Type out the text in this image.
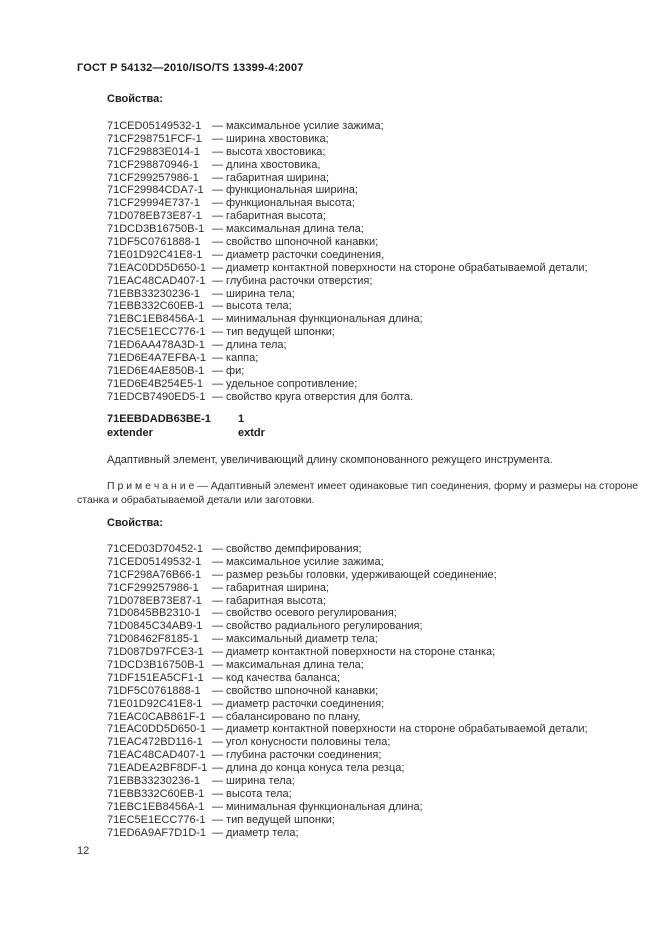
ГОСТ Р 54132—2010/ISO/TS 13399-4:2007
Свойства:
71CED05149532-1 — максимальное усилие зажима;
71CF298751FCF-1 — ширина хвостовика;
71CF29883E014-1 — высота хвостовика;
71CF298870946-1 — длина хвостовика,
71CF299257986-1 — габаритная ширина;
71CF29984CDA7-1 — функциональная ширина;
71CF29994E737-1 — функциональная высота;
71D078EB73E87-1 — габаритная высота;
71DCD3B16750B-1 — максимальная длина тела;
71DF5C0761888-1 — свойство шпоночной канавки;
71E01D92C41E8-1 — диаметр расточки соединения,
71EAC0DD5D650-1 — диаметр контактной поверхности на стороне обрабатываемой детали;
71EAC48CAD407-1 — глубина расточки отверстия;
71EBB33230236-1 — ширина тела;
71EBB332C60EB-1 — высота тела;
71EBC1EB8456A-1 — минимальная функциональная длина;
71EC5E1ECC776-1 — тип ведущей шпонки;
71ED6AA478A3D-1 — длина тела;
71ED6E4A7EFBA-1 — каппа;
71ED6E4AE850B-1 — фи;
71ED6E4B254E5-1 — удельное сопротивление;
71EDCB7490ED5-1 — свойство круга отверстия для болта.
71EEBDADB63BE-1 1
extender	extdr
Адаптивный элемент, увеличивающий длину скомпонованного режущего инструмента.
П р и м е ч а н и е — Адаптивный элемент имеет одинаковые тип соединения, форму и размеры на стороне
станка и обрабатываемой детали или заготовки.
Свойства:
71CED03D70452-1 — свойство демпфирования;
71CED05149532-1 — максимальное усилие зажима;
71CF298A76B66-1 — размер резьбы головки, удерживающей соединение;
71CF299257986-1 — габаритная ширина;
71D078EB73E87-1 — габаритная высота;
71D0845BB2310-1 — свойство осевого регулирования;
71D0845C34AB9-1 — свойство радиального регулирования;
71D08462F8185-1 — максимальный диаметр тела;
71D087D97FCE3-1 — диаметр контактной поверхности на стороне станка;
71DCD3B16750B-1 — максимальная длина тела;
71DF151EA5CF1-1 — код качества баланса;
71DF5C0761888-1 — свойство шпоночной канавки;
71E01D92C41E8-1 — диаметр расточки соединения;
71EAC0CAB861F-1 — сбалансировано по плану,
71EAC0DD5D650-1 — диаметр контактной поверхности на стороне обрабатываемой детали;
71EAC472BD116-1 — угол конусности половины тела;
71EAC48CAD407-1 — глубина расточки соединения;
71EADEA2BF8DF-1 — длина до конца конуса тела резца;
71EBB33230236-1 — ширина тела;
71EBB332C60EB-1 — высота тела;
71EBC1EB8456A-1 — минимальная функциональная длина;
71EC5E1ECC776-1 — тип ведущей шпонки;
71ED6A9AF7D1D-1 — диаметр тела;
12
